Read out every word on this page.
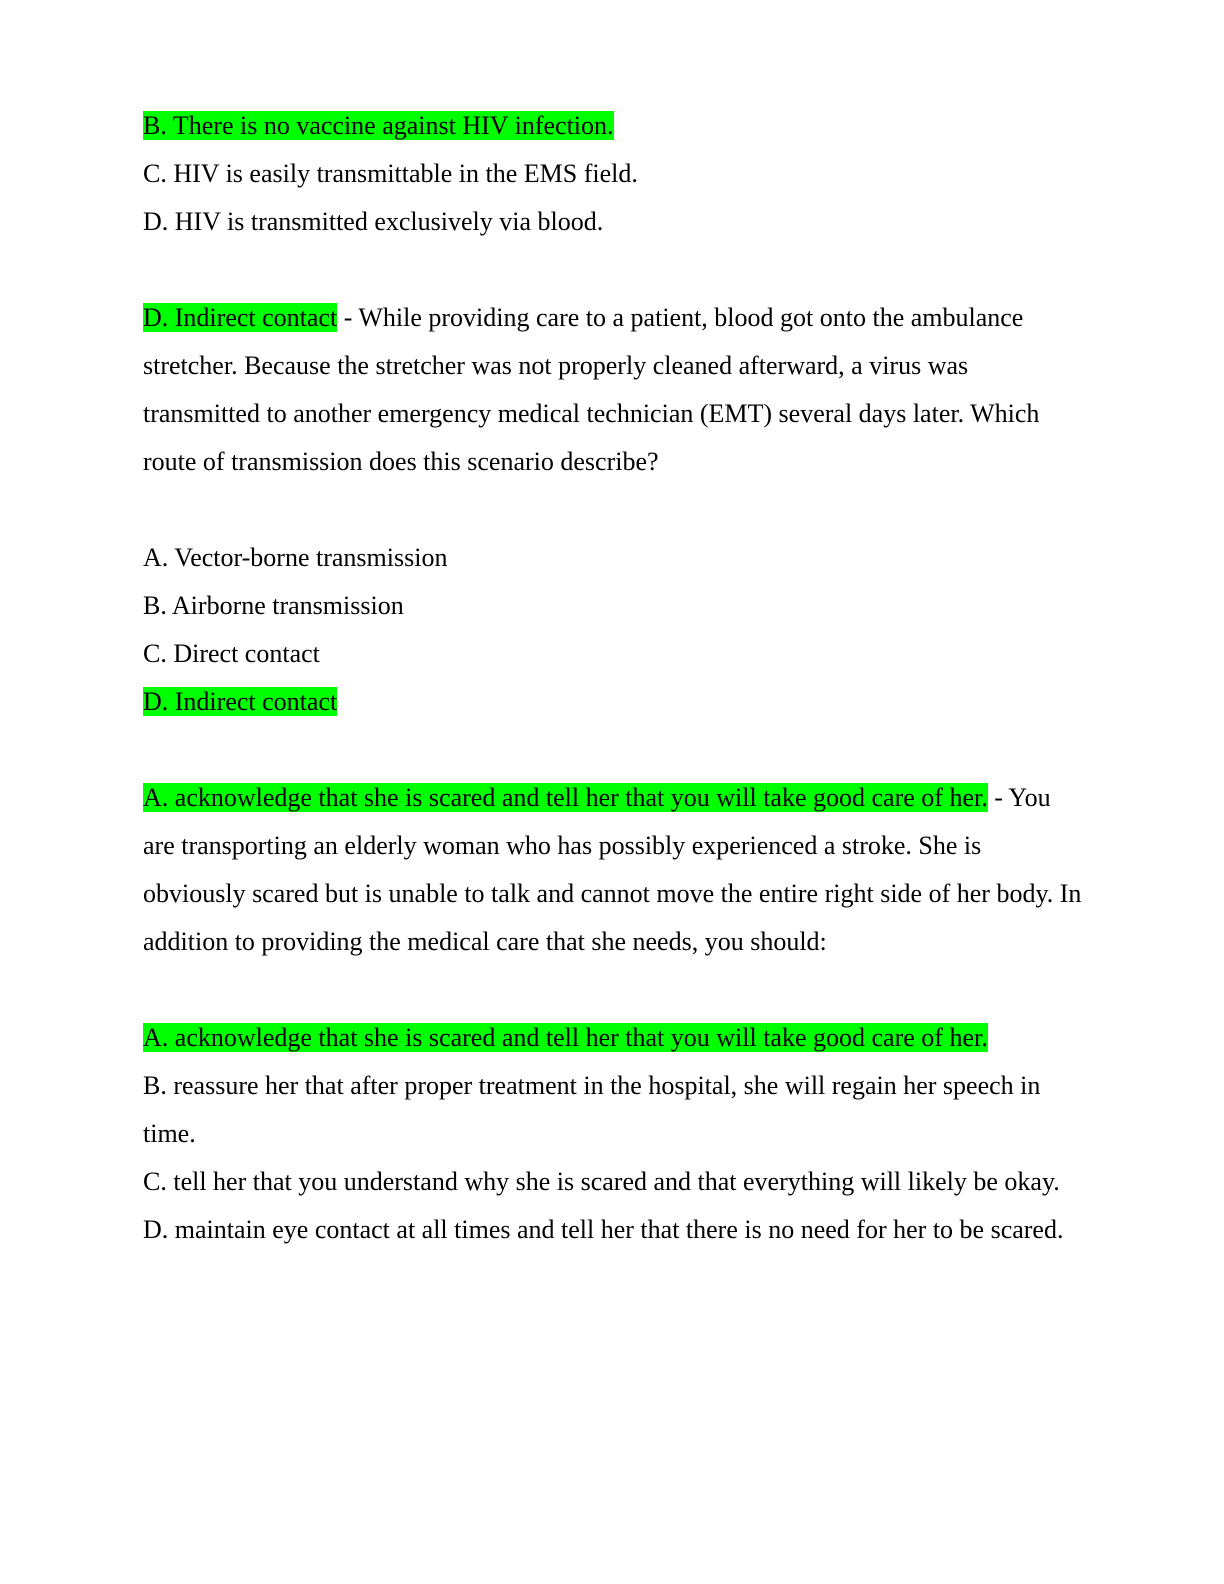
B. There is no vaccine against HIV infection.

C. HIV is easily transmittable in the EMS field.

D. HIV is transmitted exclusively via blood.

D. Indirect contact - While providing care to a patient, blood got onto the ambulance stretcher. Because the stretcher was not properly cleaned afterward, a virus was transmitted to another emergency medical technician (EMT) several days later. Which route of transmission does this scenario describe?

A. Vector-borne transmission

B. Airborne transmission

C. Direct contact

D. Indirect contact

A. acknowledge that she is scared and tell her that you will take good care of her. - You are transporting an elderly woman who has possibly experienced a stroke. She is obviously scared but is unable to talk and cannot move the entire right side of her body. In addition to providing the medical care that she needs, you should:

A. acknowledge that she is scared and tell her that you will take good care of her.

B. reassure her that after proper treatment in the hospital, she will regain her speech in time.

C. tell her that you understand why she is scared and that everything will likely be okay.

D. maintain eye contact at all times and tell her that there is no need for her to be scared.
